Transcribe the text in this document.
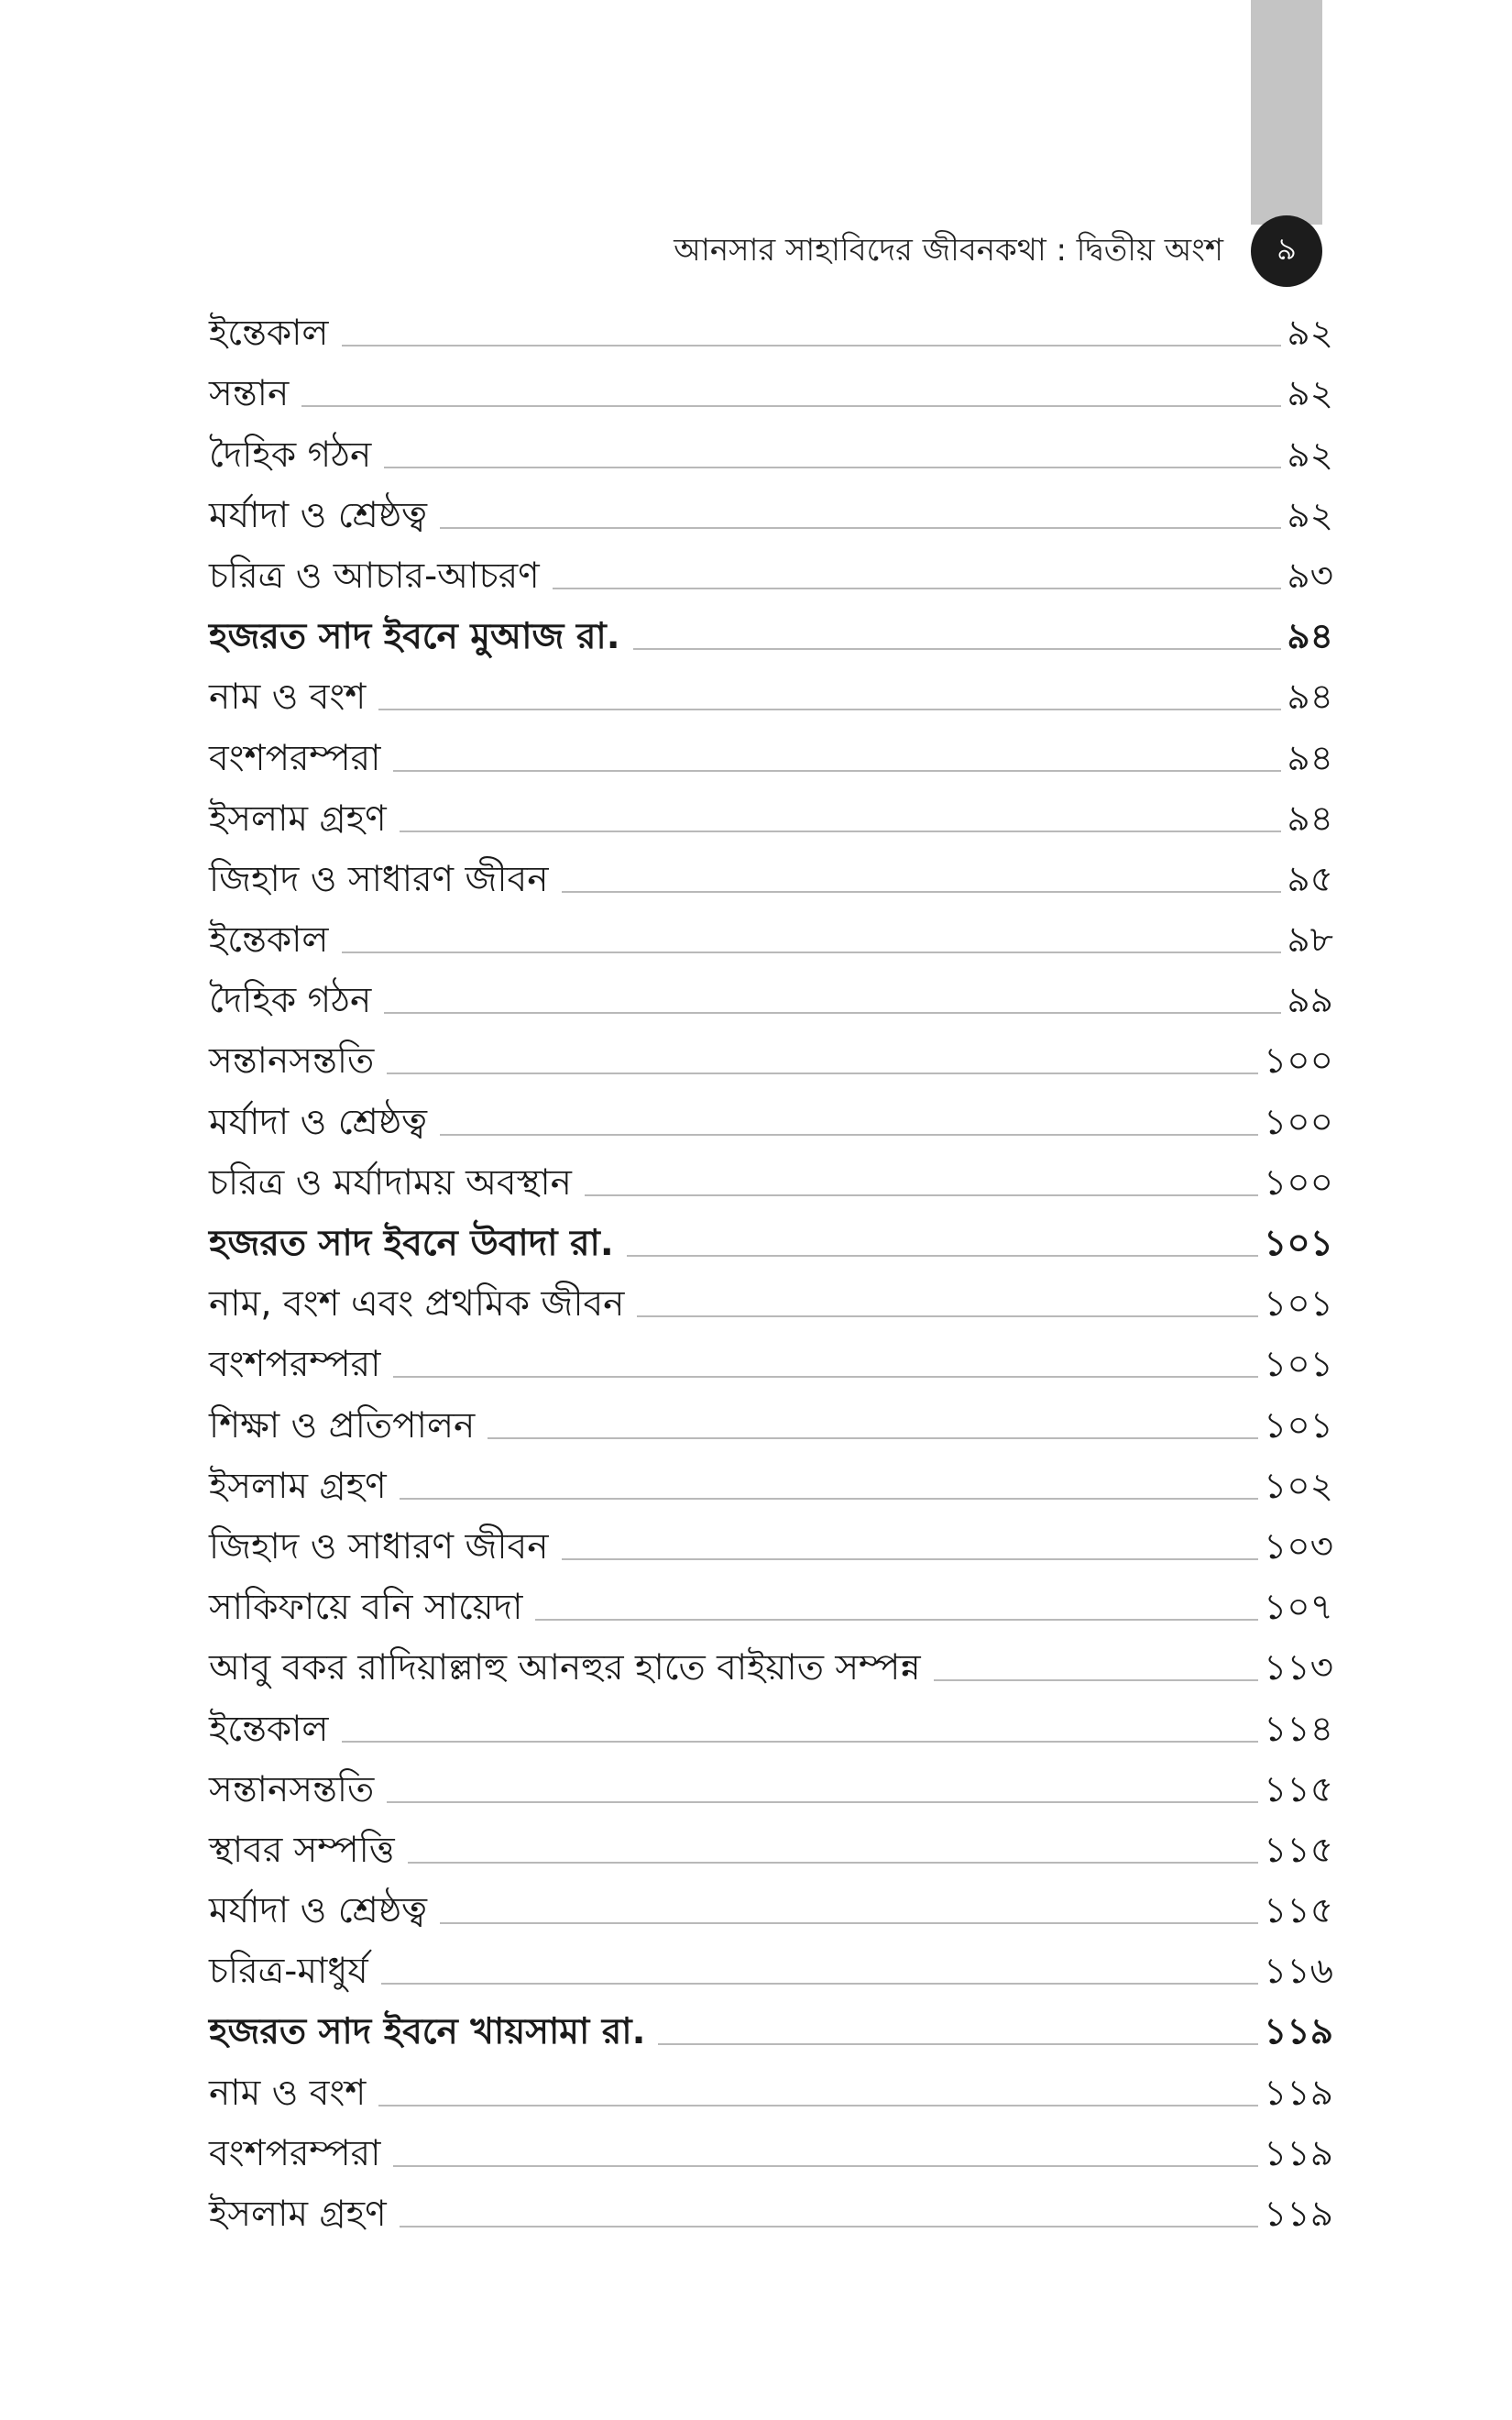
আনসার সাহাবিদের জীবনকথা : দ্বিতীয় অংশ ৯
ইন্তেকাল	৯২
সন্তান	৯২
দৈহিক গঠন	৯২
মর্যাদা ও শ্রেষ্ঠত্ব	৯২
চরিত্র ও আচার-আচরণ	৯৩
হজরত সাদ ইবনে মুআজ রা.	৯৪
নাম ও বংশ	৯৪
বংশপরম্পরা	৯৪
ইসলাম গ্রহণ	৯৪
জিহাদ ও সাধারণ জীবন	৯৫
ইন্তেকাল	৯৮
দৈহিক গঠন	৯৯
সন্তানসন্ততি	১০০
মর্যাদা ও শ্রেষ্ঠত্ব	১০০
চরিত্র ও মর্যাদাময় অবস্থান	১০০
হজরত সাদ ইবনে উবাদা রা.	১০১
নাম, বংশ এবং প্রথমিক জীবন	১০১
বংশপরম্পরা	১০১
শিক্ষা ও প্রতিপালন	১০১
ইসলাম গ্রহণ	১০২
জিহাদ ও সাধারণ জীবন	১০৩
সাকিফায়ে বনি সায়েদা	১০৭
আবু বকর রাদিয়াল্লাহু আনহুর হাতে বাইয়াত সম্পন্ন	১১৩
ইন্তেকাল	১১৪
সন্তানসন্ততি	১১৫
স্থাবর সম্পত্তি	১১৫
মর্যাদা ও শ্রেষ্ঠত্ব	১১৫
চরিত্র-মাধুর্য	১১৬
হজরত সাদ ইবনে খায়সামা রা.	১১৯
নাম ও বংশ	১১৯
বংশপরম্পরা	১১৯
ইসলাম গ্রহণ	১১৯
